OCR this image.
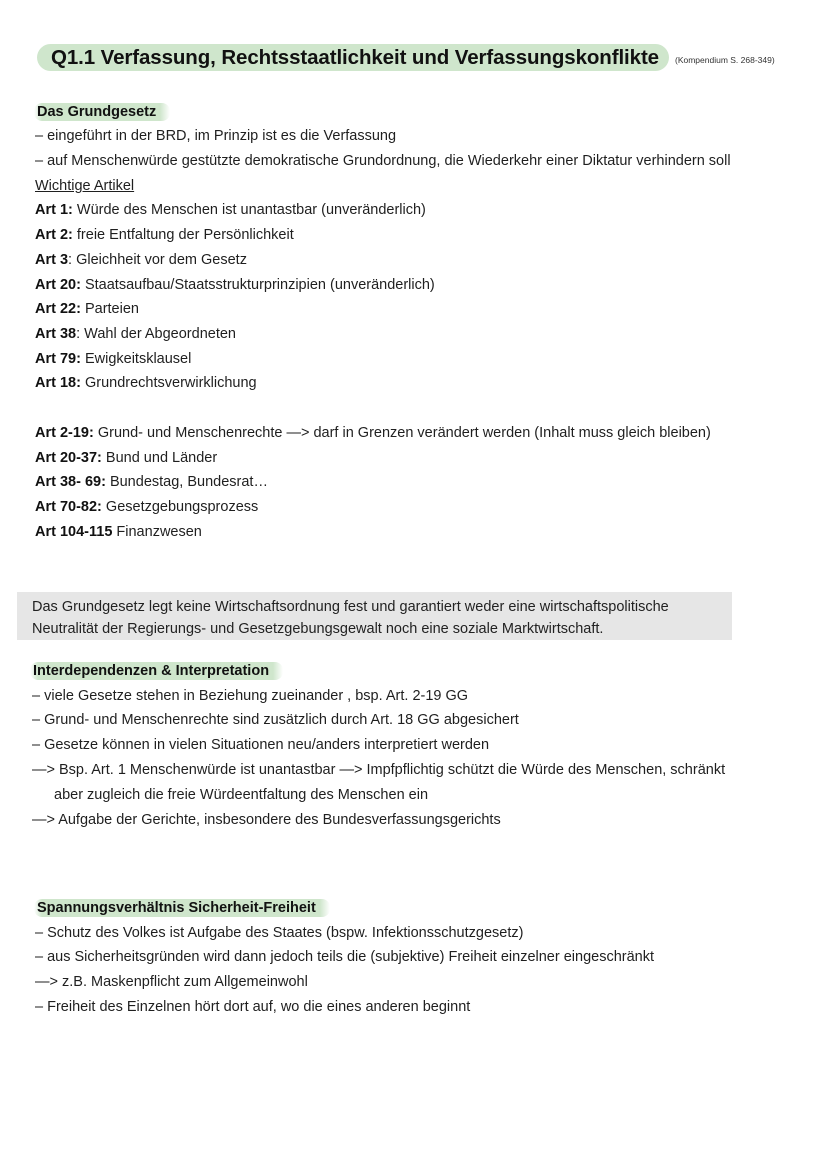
Q1.1 Verfassung, Rechtsstaatlichkeit und Verfassungskonflikte (Kompendium S. 268-349)
Das Grundgesetz
– eingeführt in der BRD, im Prinzip ist es die Verfassung
– auf Menschenwürde gestützte demokratische Grundordnung, die Wiederkehr einer Diktatur verhindern soll
Wichtige Artikel
Art 1: Würde des Menschen ist unantastbar (unveränderlich)
Art 2: freie Entfaltung der Persönlichkeit
Art 3: Gleichheit vor dem Gesetz
Art 20: Staatsaufbau/Staatsstrukturprinzipien (unveränderlich)
Art 22: Parteien
Art 38: Wahl der Abgeordneten
Art 79: Ewigkeitsklausel
Art 18: Grundrechtsverwirklichung
Art 2-19: Grund- und Menschenrechte —> darf in Grenzen verändert werden (Inhalt muss gleich bleiben)
Art 20-37: Bund und Länder
Art 38- 69: Bundestag, Bundesrat…
Art 70-82: Gesetzgebungsprozess
Art 104-115 Finanzwesen
Das Grundgesetz legt keine Wirtschaftsordnung fest und garantiert weder eine wirtschaftspolitische
Neutralität der Regierungs- und Gesetzgebungsgewalt noch eine soziale Marktwirtschaft.
Interdependenzen & Interpretation
– viele Gesetze stehen in Beziehung zueinander , bsp. Art. 2-19 GG
– Grund- und Menschenrechte sind zusätzlich durch Art. 18 GG abgesichert
– Gesetze können in vielen Situationen neu/anders interpretiert werden
—> Bsp. Art. 1 Menschenwürde ist unantastbar —> Impfpflichtig schützt die Würde des Menschen, schränkt
aber zugleich die freie Würdeentfaltung des Menschen ein
—> Aufgabe der Gerichte, insbesondere des Bundesverfassungsgerichts
Spannungsverhältnis Sicherheit-Freiheit
– Schutz des Volkes ist Aufgabe des Staates (bspw. Infektionsschutzgesetz)
– aus Sicherheitsgründen wird dann jedoch teils die (subjektive) Freiheit einzelner eingeschränkt
—> z.B. Maskenpflicht zum Allgemeinwohl
– Freiheit des Einzelnen hört dort auf, wo die eines anderen beginnt
